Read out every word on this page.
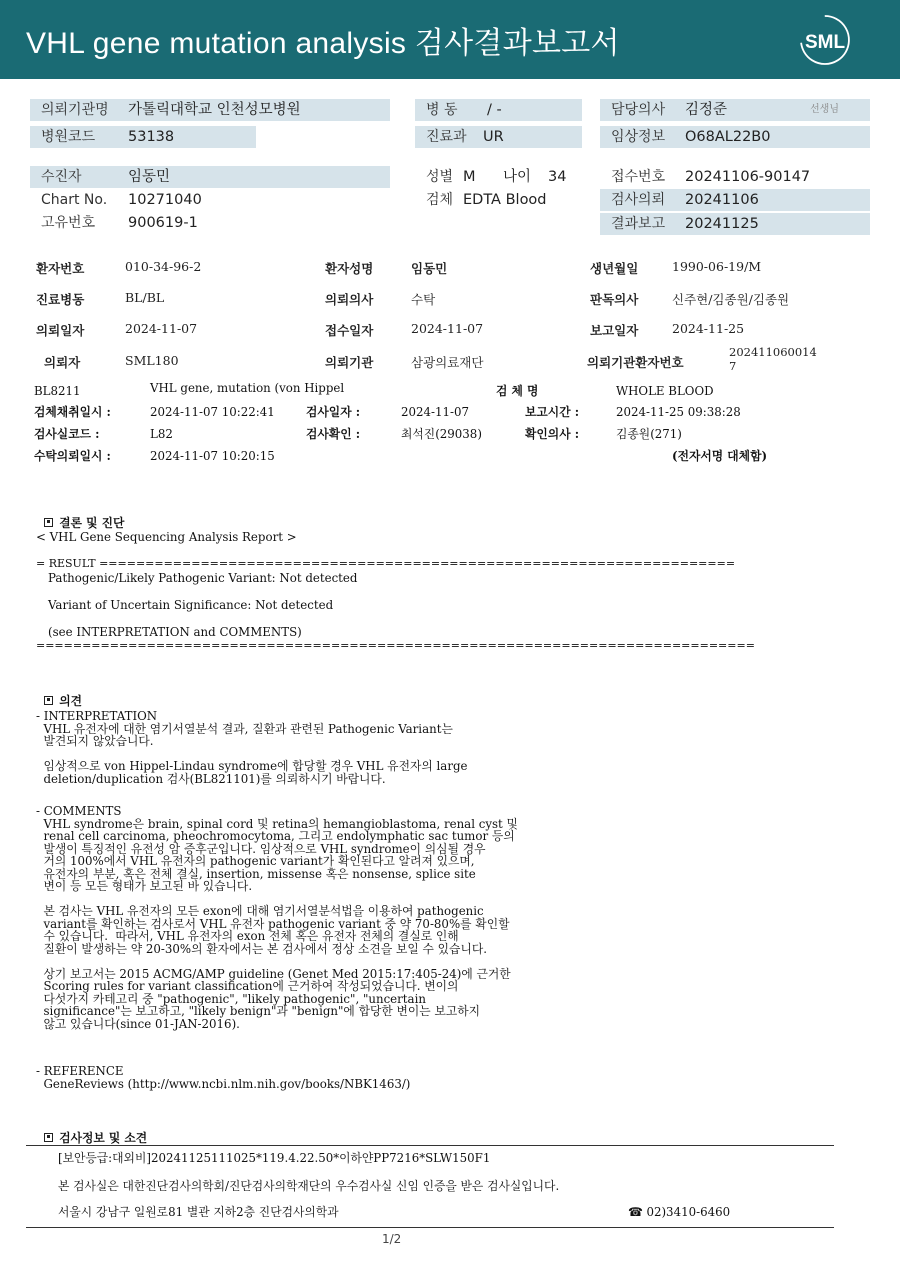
VHL gene mutation analysis 검사결과보고서	SML
의뢰기관명 가톨릭대학교 인천성모병원
병원코드 53138
병 동 / -
진료과 UR
담당의사 김정준	선생님
임상정보 O68AL22B0
수진자	임동민
Chart No. 10271040
고유번호 900619-1
성별 M 나이 34
검체 EDTA Blood
접수번호 20241106-90147
검사의뢰 20241106
결과보고 20241125
환자번호	010-34-96-2	환자성명	임동민	생년월일	1990-06-19/M
진료병동	BL/BL	의뢰의사	수탁	판독의사	신주현/김종원/김종원
의뢰일자	2024-11-07	접수일자	2024-11-07	보고일자	2024-11-25
의뢰자	SML180	의뢰기관	삼광의료재단	의뢰기관환자번호
202411060014
7
BL8211	VHL gene, mutation (von Hippel	검 체 명	WHOLE BLOOD
검체채취일시 :	2024-11-07 10:22:41	검사일자 :	2024-11-07	보고시간 :	2024-11-25 09:38:28
검사실코드 :	L82	검사확인 :	최석진(29038)	확인의사 :	김종원(271)
수탁의뢰일시 :	2024-11-07 10:20:15	(전자서명 대체함)

결론 및 진단

< VHL Gene Sequencing Analysis Report >
= RESULT =====================================================================
Pathogenic/Likely Pathogenic Variant: Not detected
Variant of Uncertain Significance: Not detected
(see INTERPRETATION and COMMENTS)
==============================================================================

의견

- INTERPRETATION
VHL 유전자에 대한 염기서열분석 결과, 질환과 관련된 Pathogenic Variant는
발견되지 않았습니다.

임상적으로 von Hippel-Lindau syndrome에 합당할 경우 VHL 유전자의 large
deletion/duplication 검사(BL821101)를 의뢰하시기 바랍니다.
- COMMENTS
VHL syndrome은 brain, spinal cord 및 retina의 hemangioblastoma, renal cyst 및
renal cell carcinoma, pheochromocytoma, 그리고 endolymphatic sac tumor 등의
발생이 특징적인 유전성 암 증후군입니다. 임상적으로 VHL syndrome이 의심될 경우
거의 100%에서 VHL 유전자의 pathogenic variant가 확인된다고 알려져 있으며,
유전자의 부분, 혹은 전체 결실, insertion, missense 혹은 nonsense, splice site
변이 등 모든 형태가 보고된 바 있습니다.

본 검사는 VHL 유전자의 모든 exon에 대해 염기서열분석법을 이용하여 pathogenic
variant를 확인하는 검사로서 VHL 유전자 pathogenic variant 중 약 70-80%를 확인할
수 있습니다.  따라서, VHL 유전자의 exon 전체 혹은 유전자 전체의 결실로 인해
질환이 발생하는 약 20-30%의 환자에서는 본 검사에서 정상 소견을 보일 수 있습니다.

상기 보고서는 2015 ACMG/AMP guideline (Genet Med 2015:17:405-24)에 근거한
Scoring rules for variant classification에 근거하여 작성되었습니다. 변이의
다섯가지 카테고리 중 "pathogenic", "likely pathogenic", "uncertain
significance"는 보고하고, "likely benign"과 "benign"에 합당한 변이는 보고하지
않고 있습니다(since 01-JAN-2016).
- REFERENCE
GeneReviews (http://www.ncbi.nlm.nih.gov/books/NBK1463/)

검사정보 및 소견

[보안등급:대외비]20241125111025*119.4.22.50*이하얀PP7216*SLW150F1
본 검사실은 대한진단검사의학회/진단검사의학재단의 우수검사실 신임 인증을 받은 검사실입니다.
서울시 강남구 일원로81 별관 지하2층 진단검사의학과	☎ 02)3410-6460
1/2
